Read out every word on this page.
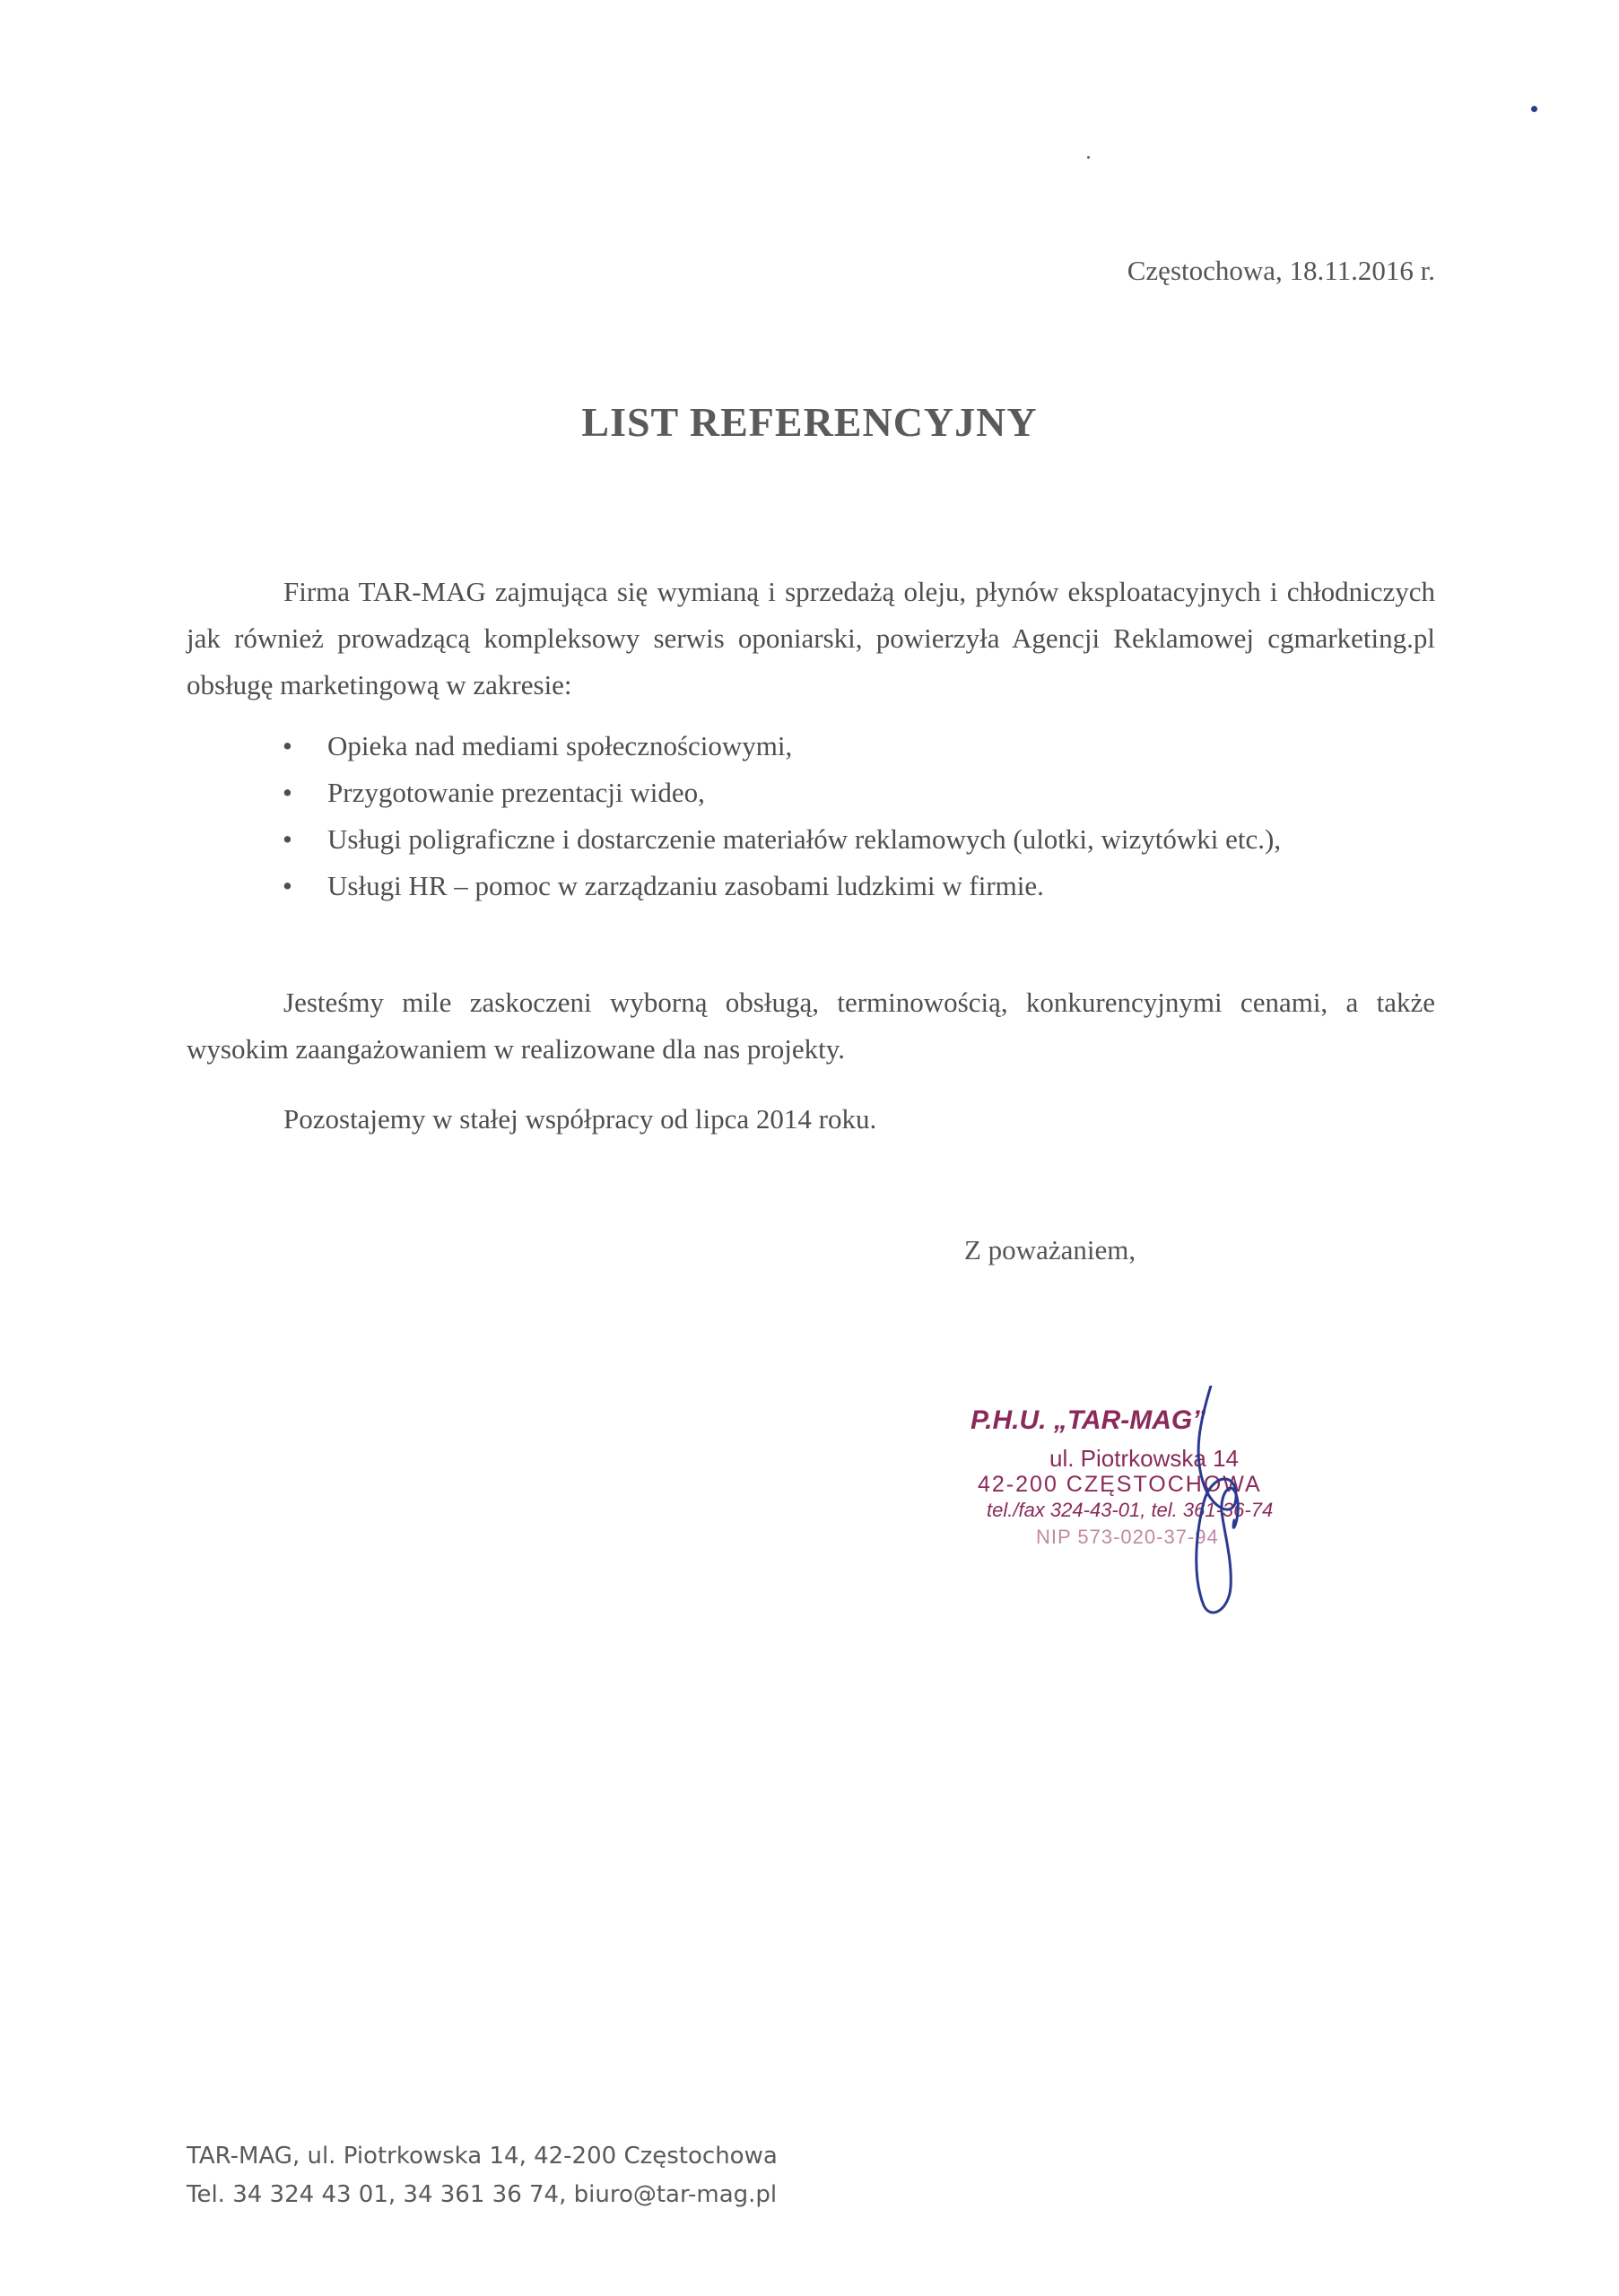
Częstochowa, 18.11.2016 r.
LIST REFERENCYJNY
Firma TAR-MAG zajmująca się wymianą i sprzedażą oleju, płynów eksploatacyjnych i chłodniczych jak również prowadzącą kompleksowy serwis oponiarski, powierzyła Agencji Reklamowej cgmarketing.pl obsługę marketingową w zakresie:
• Opieka nad mediami społecznościowymi,
• Przygotowanie prezentacji wideo,
• Usługi poligraficzne i dostarczenie materiałów reklamowych (ulotki, wizytówki etc.),
• Usługi HR – pomoc w zarządzaniu zasobami ludzkimi w firmie.
Jesteśmy mile zaskoczeni wyborną obsługą, terminowością, konkurencyjnymi cenami, a także wysokim zaangażowaniem w realizowane dla nas projekty.
Pozostajemy w stałej współpracy od lipca 2014 roku.
Z poważaniem,
P.H.U. „TAR-MAG”
ul. Piotrkowska 14
42-200 CZĘSTOCHOWA
tel./fax 324-43-01, tel. 361-36-74
NIP 573-020-37-94
TAR-MAG, ul. Piotrkowska 14, 42-200 Częstochowa
Tel. 34 324 43 01, 34 361 36 74, biuro@tar-mag.pl
